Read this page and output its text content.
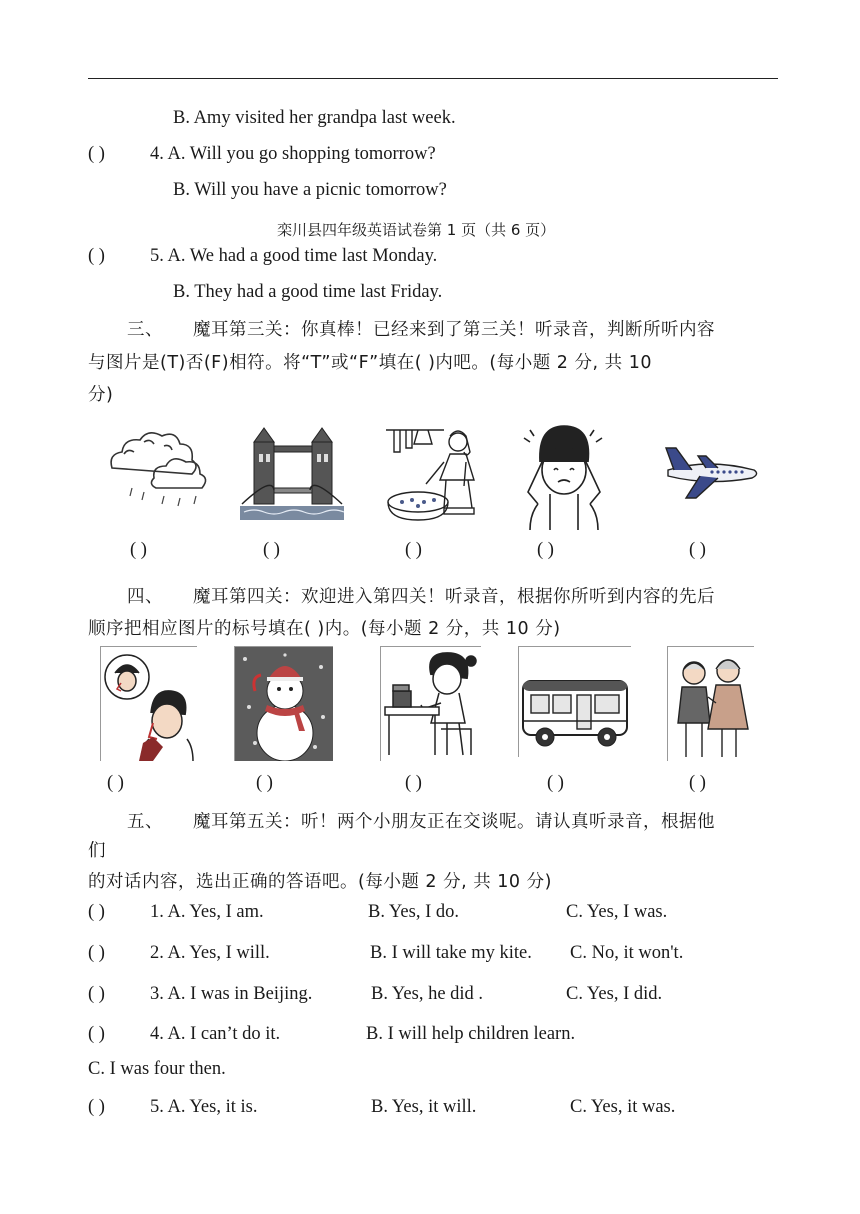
B. Amy visited her grandpa last week.
( ) 4. A. Will you go shopping tomorrow?
B. Will you have a picnic tomorrow?
栾川县四年级英语试卷第 1 页（共 6 页）
( ) 5. A. We had a good time last Monday.
B. They had a good time last Friday.
三、 魔耳第三关：你真棒！已经来到了第三关！听录音，判断所听内容
与图片是(T)否(F)相符。将“T”或“F”填在( )内吧。(每小题 2 分, 共 10
分)
( )	( )	( )	( )	( )
四、 魔耳第四关：欢迎进入第四关！听录音，根据你所听到内容的先后
顺序把相应图片的标号填在( )内。(每小题 2 分，共 10 分)
( )	( )	( )	( )	( )
五、 魔耳第五关：听！两个小朋友正在交谈呢。请认真听录音，根据他
们
的对话内容，选出正确的答语吧。(每小题 2 分, 共 10 分)
( ) 1. A. Yes, I am.	B. Yes, I do.	C. Yes, I was.
( ) 2. A. Yes, I will.	B. I will take my kite. C. No, it won't.
( ) 3. A. I was in Beijing.	B. Yes, he did .	C. Yes, I did.
( ) 4. A. I can’t do it.	B. I will help children learn.
C. I was four then.
( ) 5. A. Yes, it is.	B. Yes, it will.	C. Yes, it was.
